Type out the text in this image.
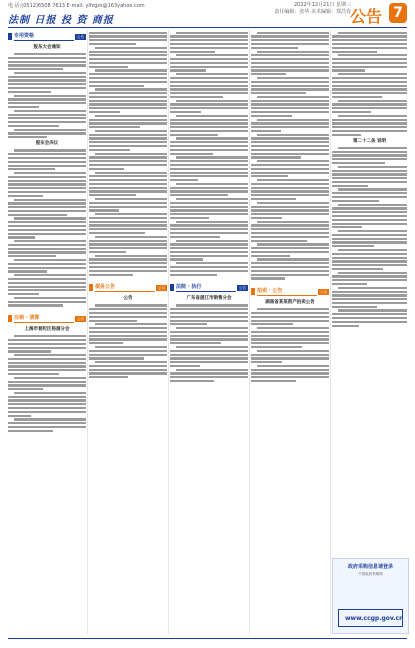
电 话:(0512)6508 7613 E-mail: ylfzgzs@163yahoo.com
法制 日报 投 资 商报
2022年12月21日 星期三
责任编辑：张华 美术编辑：郑昌春 公告 7
专用资格	公告
股东大会通知
股东会决议
注销 · 清算	公告
上海市普陀区杨浦分会
债务公告	公告
公告
法院 · 执行	公告
广东省湛江市销售分会
拍卖 · 公告	公告
湖南省某某资产拍卖公告
第二十二条 说明
政府采购信息请登录
中国政府采购网
www.ccgp.gov.cn
